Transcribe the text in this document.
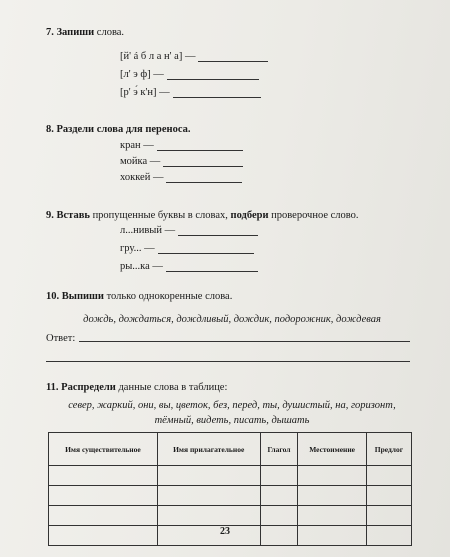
7. Запиши слова.
[й' á б л а н' а] —
[л' э ф] —
[р' э́ к'н] —
8. Раздели слова для переноса.
кран —
мойка —
хоккей —
9. Вставь пропущенные буквы в словах, подбери проверочное слово.
л...нивый —
гру... —
ры...ка —
10. Выпиши только однокоренные слова.
дождь, дождаться, дождливый, дождик, подорожник, дождевая
Ответ:
11. Распредели данные слова в таблице:
север, жаркий, они, вы, цветок, без, перед, ты, душистый, на, горизонт,
тёмный, видеть, писать, дышать
Имя существительное	Имя прилагательное	Глагол	Местоимение	Предлог

23
